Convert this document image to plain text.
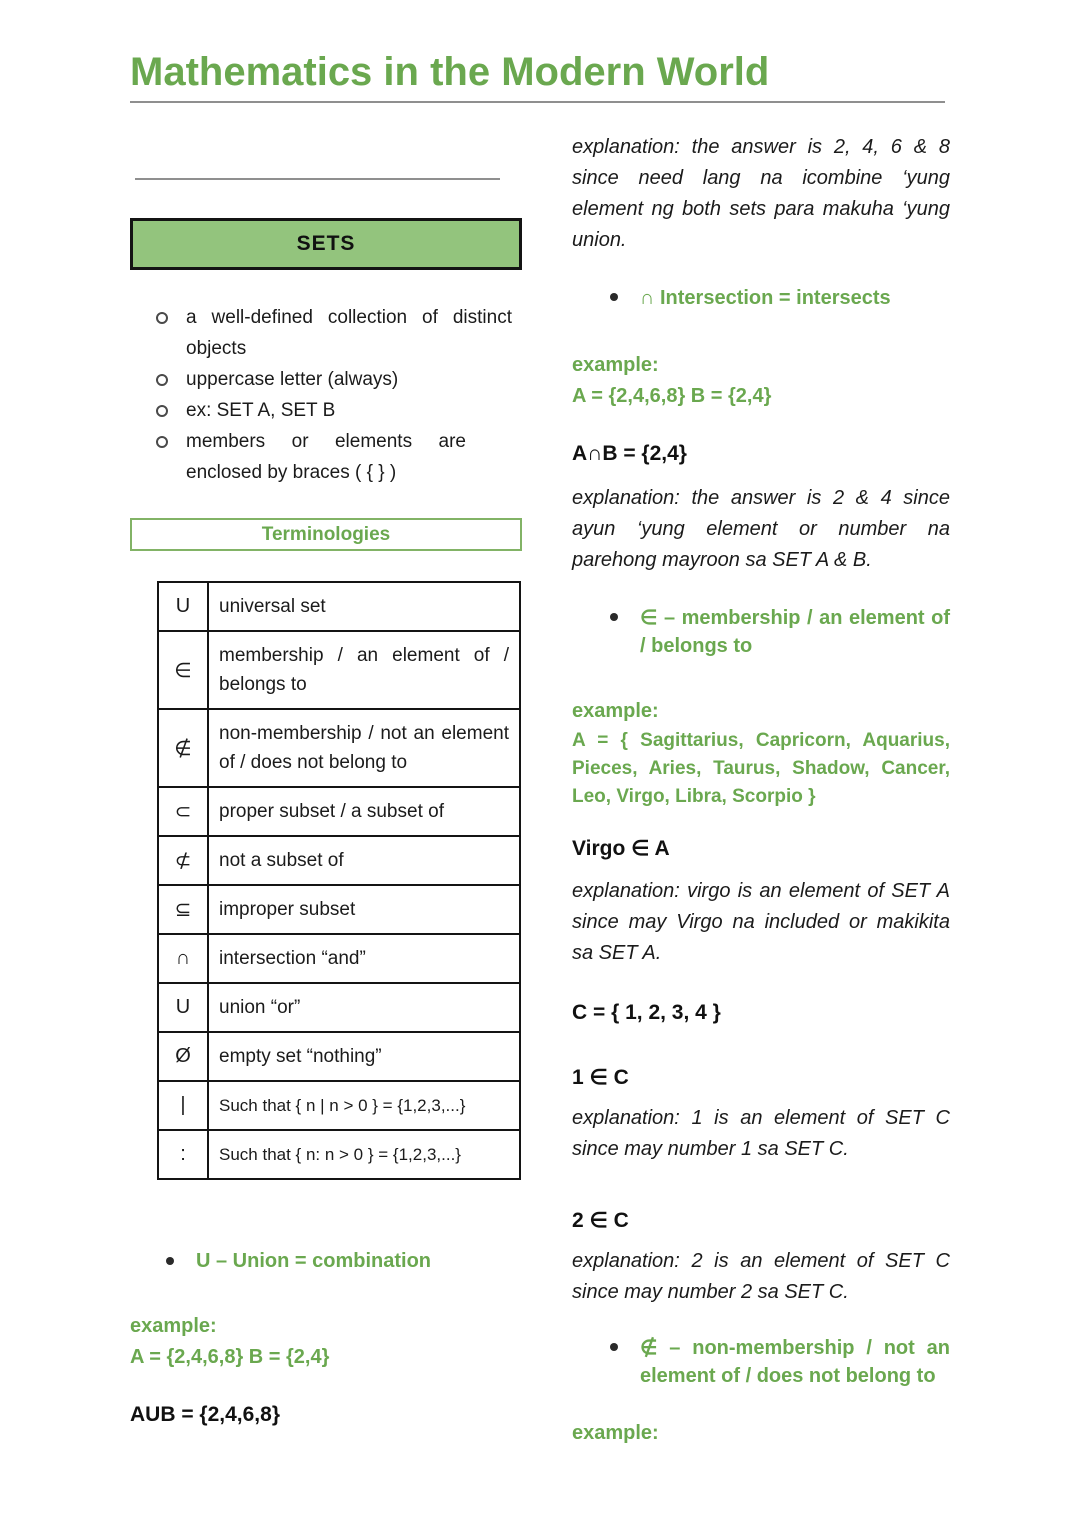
Mathematics in the Modern World
SETS
a well-defined collection of distinct objects
uppercase letter (always)
ex: SET A, SET B
members or elements are enclosed by braces ( { } )
Terminologies
U	universal set
∈	membership / an element of / belongs to
∉	non-membership / not an element of / does not belong to
⊂	proper subset / a subset of
⊄	not a subset of
⊆	improper subset
∩	intersection “and”
U	union “or”
Ø	empty set “nothing”
|	Such that { n | n > 0 } = {1,2,3,...}
:	Such that { n: n > 0 } = {1,2,3,...}
U – Union = combination
example:
A = {2,4,6,8} B = {2,4}
AUB = {2,4,6,8}
explanation: the answer is 2, 4, 6 & 8 since need lang na icombine ‘yung element ng both sets para makuha ‘yung union.
∩ Intersection = intersects
example:
A = {2,4,6,8} B = {2,4}
A∩B = {2,4}
explanation: the answer is 2 & 4 since ayun ‘yung element or number na parehong mayroon sa SET A & B.
∈ – membership / an element of / belongs to
example:
A = { Sagittarius, Capricorn, Aquarius, Pieces, Aries, Taurus, Shadow, Cancer, Leo, Virgo, Libra, Scorpio }
Virgo ∈ A
explanation: virgo is an element of SET A since may Virgo na included or makikita sa SET A.
C = { 1, 2, 3, 4 }
1 ∈ C
explanation: 1 is an element of SET C since may number 1 sa SET C.
2 ∈ C
explanation: 2 is an element of SET C since may number 2 sa SET C.
∉ – non-membership / not an element of / does not belong to
example:
